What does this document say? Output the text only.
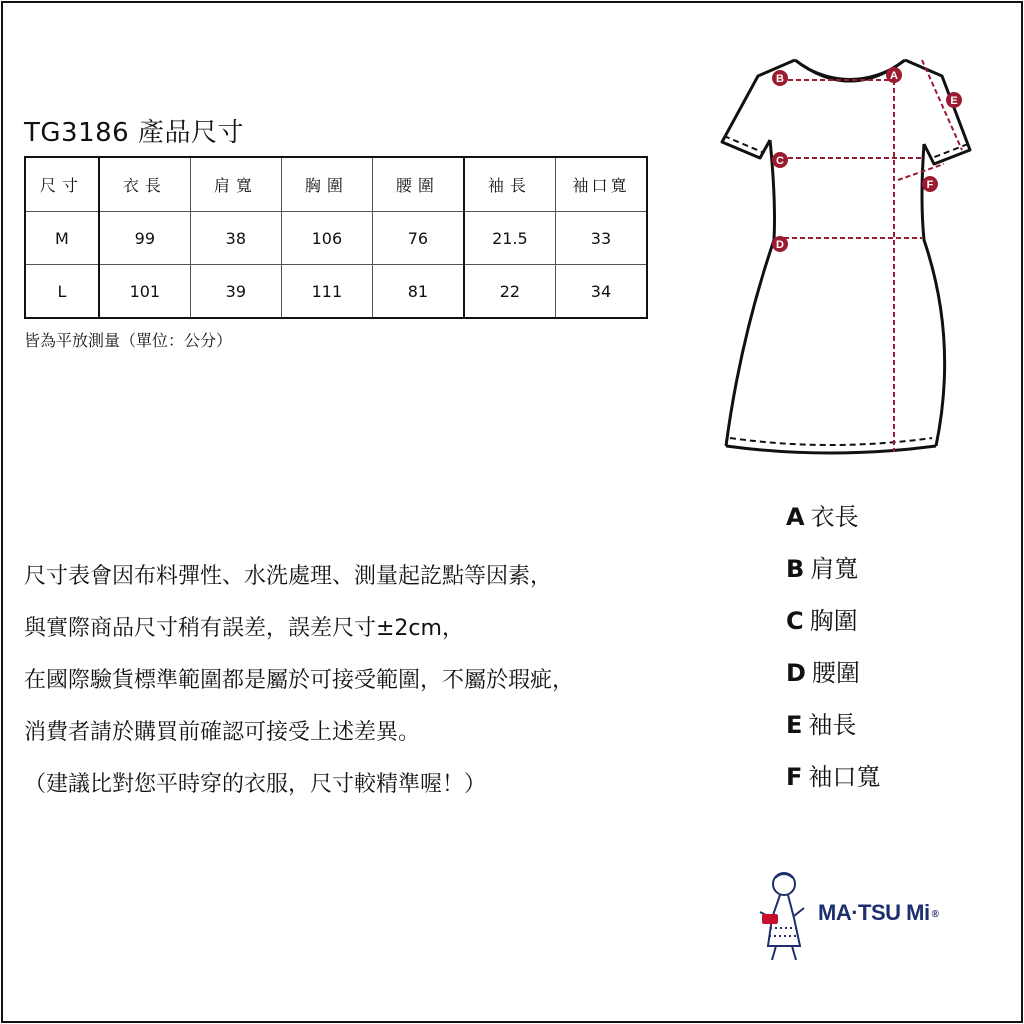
TG3186 產品尺寸
尺寸	衣長	肩寬	胸圍	腰圍	袖長	袖口寬
M	99	38	106	76	21.5	33
L	101	39	111	81	22	34
皆為平放測量（單位：公分）
尺寸表會因布料彈性、水洗處理、測量起訖點等因素，
與實際商品尺寸稍有誤差，誤差尺寸±2cm，
在國際驗貨標準範圍都是屬於可接受範圍，不屬於瑕疵，
消費者請於購買前確認可接受上述差異。
（建議比對您平時穿的衣服，尺寸較精準喔！）
A 衣長
B 肩寬
C 胸圍
D 腰圍
E 袖長
F 袖口寬
A
B
C
D
E
F
MA·TSU Mi ®
